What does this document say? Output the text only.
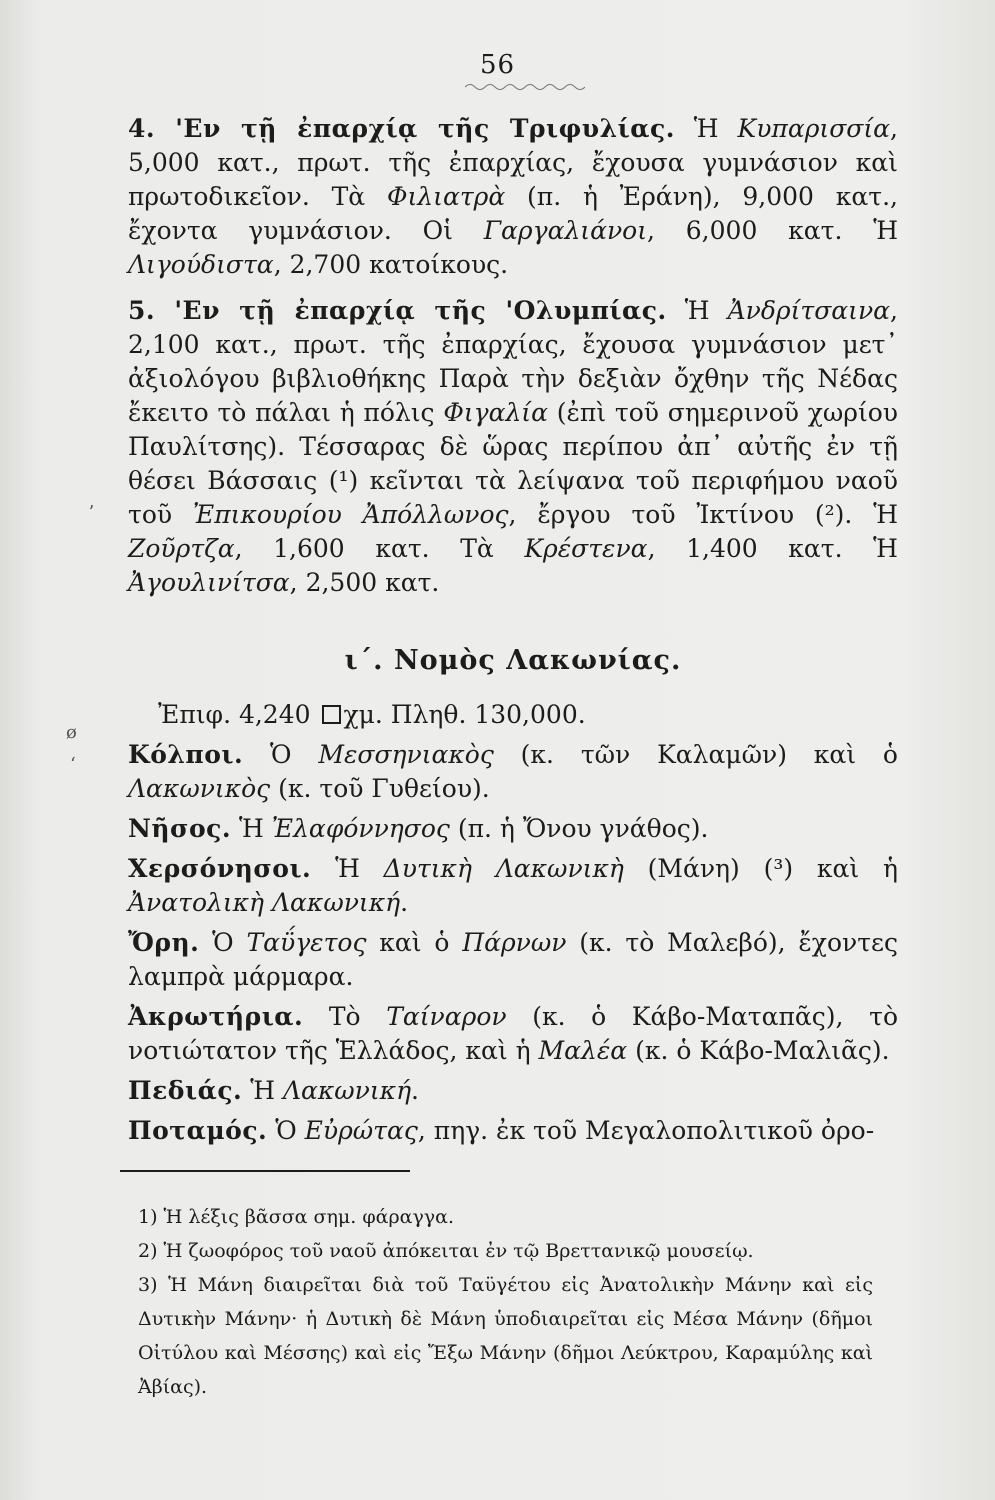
56

4. 'Εν τῇ ἐπαρχίᾳ τῆς Τριφυλίας. Ἡ Κυπαρισσία, 5,000 κατ., πρωτ. τῆς ἐπαρχίας, ἔχουσα γυμνάσιον καὶ πρωτοδικεῖον. Τὰ Φιλιατρὰ (π. ἡ Ἐράνη), 9,000 κατ., ἔχοντα γυμνάσιον. Οἱ Γαργαλιάνοι, 6,000 κατ. Ἡ Λιγούδιστα, 2,700 κατοίκους.

5. 'Εν τῇ ἐπαρχίᾳ τῆς 'Ολυμπίας. Ἡ Ἀνδρίτσαινα, 2,100 κατ., πρωτ. τῆς ἐπαρχίας, ἔχουσα γυμνάσιον μετ᾽ ἀξιολόγου βιβλιοθήκης Παρὰ τὴν δεξιὰν ὄχθην τῆς Νέδας ἔκειτο τὸ πάλαι ἡ πόλις Φιγαλία (ἐπὶ τοῦ σημερινοῦ χωρίου Παυλίτσης). Τέσσαρας δὲ ὥρας περίπου ἀπ᾽ αὐτῆς ἐν τῇ θέσει Βάσσαις (¹) κεῖνται τὰ λείψανα τοῦ περιφήμου ναοῦ τοῦ Ἐπικουρίου Ἀπόλλωνος, ἔργου τοῦ Ἰκτίνου (²). Ἡ Ζοῦρτζα, 1,600 κατ. Τὰ Κρέστενα, 1,400 κατ. Ἡ Ἀγουλινίτσα, 2,500 κατ.

ι΄. Νομὸς Λακωνίας.

Ἐπιφ. 4,240 χμ. Πληθ. 130,000.

Κόλποι. Ὁ Μεσσηνιακὸς (κ. τῶν Καλαμῶν) καὶ ὁ Λακωνικὸς (κ. τοῦ Γυθείου).

Νῆσος. Ἡ Ἐλαφόννησος (π. ἡ Ὄνου γνάθος).

Χερσόνησοι. Ἡ Δυτικὴ Λακωνικὴ (Μάνη) (³) καὶ ἡ Ἀνατολικὴ Λακωνική.

Ὄρη. Ὁ Ταΰγετος καὶ ὁ Πάρνων (κ. τὸ Μαλεβό), ἔχοντες λαμπρὰ μάρμαρα.

Ἀκρωτήρια. Τὸ Ταίναρον (κ. ὁ Κάβο-Ματαπᾶς), τὸ νοτιώτατον τῆς Ἑλλάδος, καὶ ἡ Μαλέα (κ. ὁ Κάβο-Μαλιᾶς).

Πεδιάς. Ἡ Λακωνική.

Ποταμός. Ὁ Εὐρώτας, πηγ. ἐκ τοῦ Μεγαλοπολιτικοῦ ὀρο-

1) Ἡ λέξις βᾶσσα σημ. φάραγγα.

2) Ἡ ζωοφόρος τοῦ ναοῦ ἀπόκειται ἐν τῷ Βρεττανικῷ μουσείῳ.

3) Ἡ Μάνη διαιρεῖται διὰ τοῦ Ταϋγέτου εἰς Ἀνατολικὴν Μάνην καὶ εἰς Δυτικὴν Μάνην· ἡ Δυτικὴ δὲ Μάνη ὑποδιαιρεῖται εἰς Μέσα Μάνην (δῆμοι Οἰτύλου καὶ Μέσσης) καὶ εἰς Ἔξω Μάνην (δῆμοι Λεύκτρου, Καραμύλης καὶ Ἀβίας).

ʼ
ø
ʻ
